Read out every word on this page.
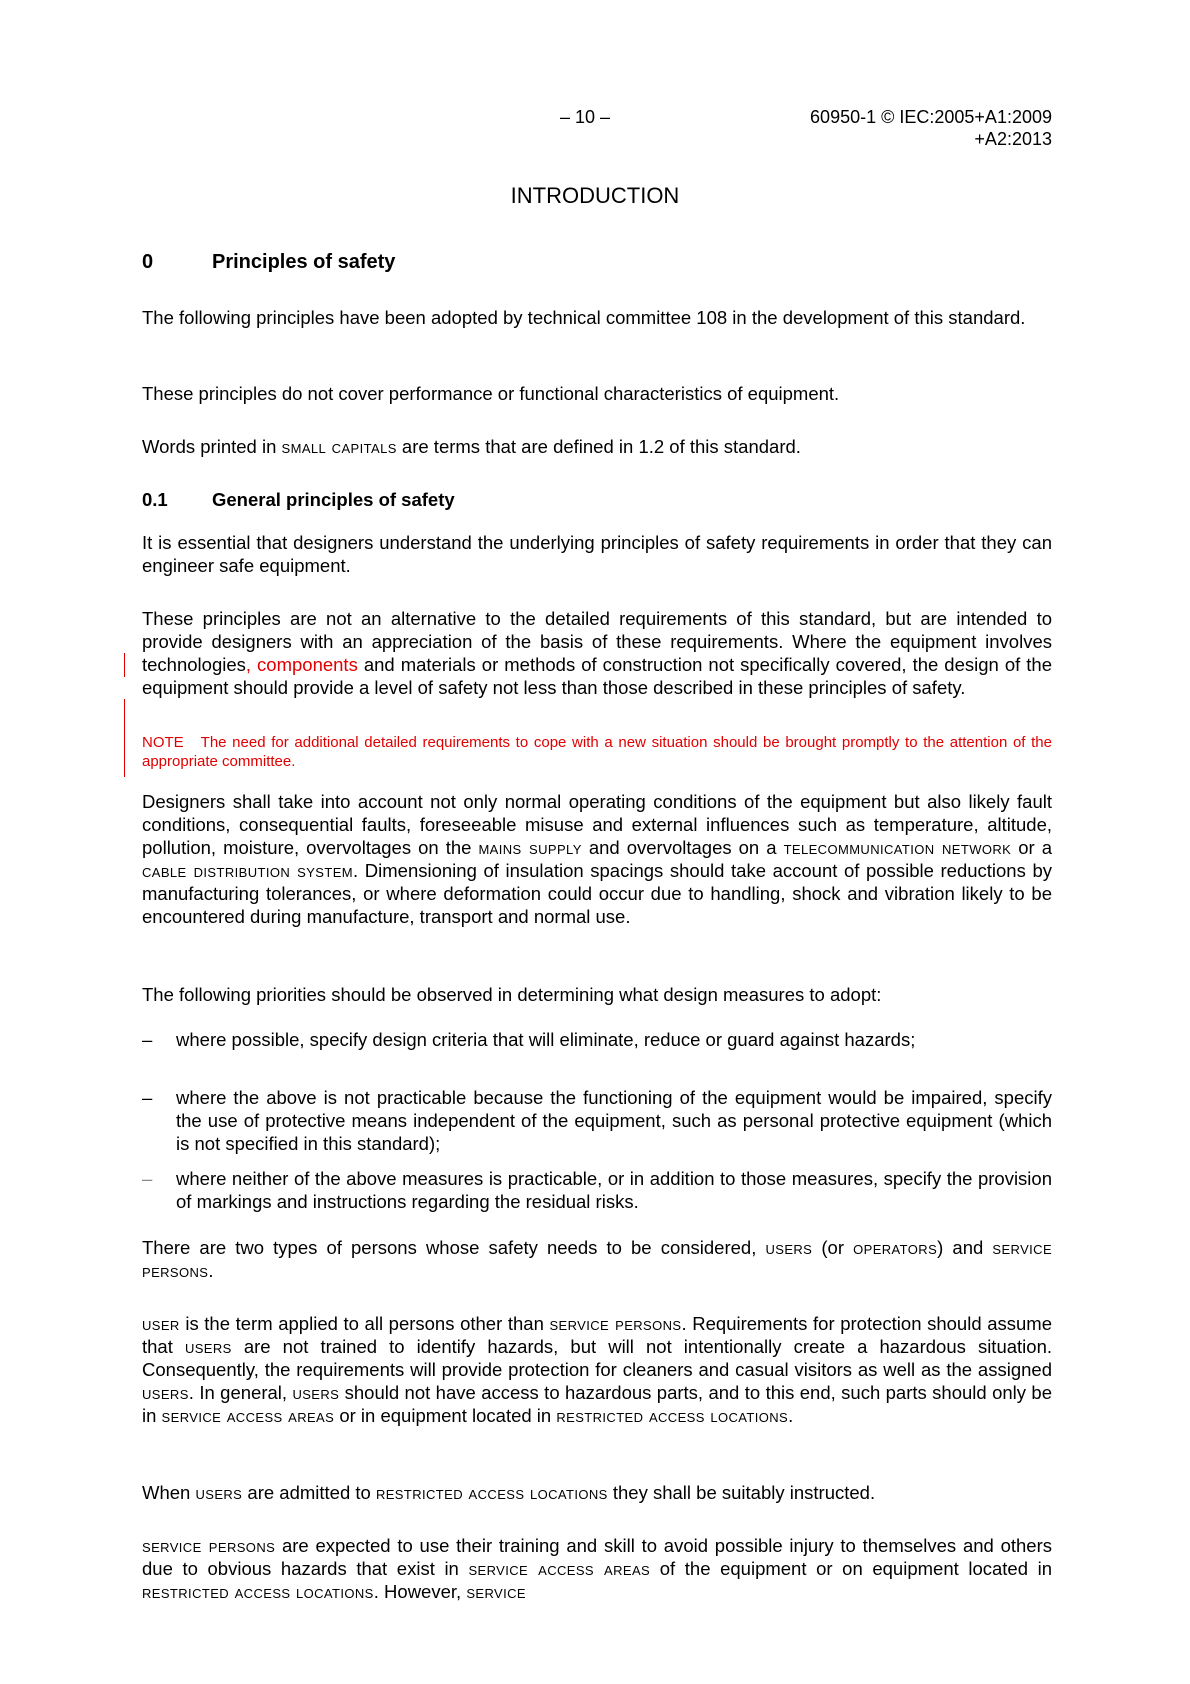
– 10 –	60950-1 © IEC:2005+A1:2009
+A2:2013
INTRODUCTION
0	Principles of safety
The following principles have been adopted by technical committee 108 in the development of this standard.
These principles do not cover performance or functional characteristics of equipment.
Words printed in small capitals are terms that are defined in 1.2 of this standard.
0.1 General principles of safety
It is essential that designers understand the underlying principles of safety requirements in order that they can engineer safe equipment.
These principles are not an alternative to the detailed requirements of this standard, but are intended to provide designers with an appreciation of the basis of these requirements. Where the equipment involves technologies, components and materials or methods of construction not specifically covered, the design of the equipment should provide a level of safety not less than those described in these principles of safety.
NOTE The need for additional detailed requirements to cope with a new situation should be brought promptly to the attention of the appropriate committee.
Designers shall take into account not only normal operating conditions of the equipment but also likely fault conditions, consequential faults, foreseeable misuse and external influences such as temperature, altitude, pollution, moisture, overvoltages on the mains supply and overvoltages on a telecommunication network or a cable distribution system. Dimensioning of insulation spacings should take account of possible reductions by manufacturing tolerances, or where deformation could occur due to handling, shock and vibration likely to be encountered during manufacture, transport and normal use.
The following priorities should be observed in determining what design measures to adopt:
– where possible, specify design criteria that will eliminate, reduce or guard against hazards;
– where the above is not practicable because the functioning of the equipment would be impaired, specify the use of protective means independent of the equipment, such as personal protective equipment (which is not specified in this standard);
– where neither of the above measures is practicable, or in addition to those measures, specify the provision of markings and instructions regarding the residual risks.
There are two types of persons whose safety needs to be considered, users (or operators) and service persons.
user is the term applied to all persons other than service persons. Requirements for protection should assume that users are not trained to identify hazards, but will not intentionally create a hazardous situation. Consequently, the requirements will provide protection for cleaners and casual visitors as well as the assigned users. In general, users should not have access to hazardous parts, and to this end, such parts should only be in service access areas or in equipment located in restricted access locations.
When users are admitted to restricted access locations they shall be suitably instructed.
service persons are expected to use their training and skill to avoid possible injury to themselves and others due to obvious hazards that exist in service access areas of the equipment or on equipment located in restricted access locations. However, service
